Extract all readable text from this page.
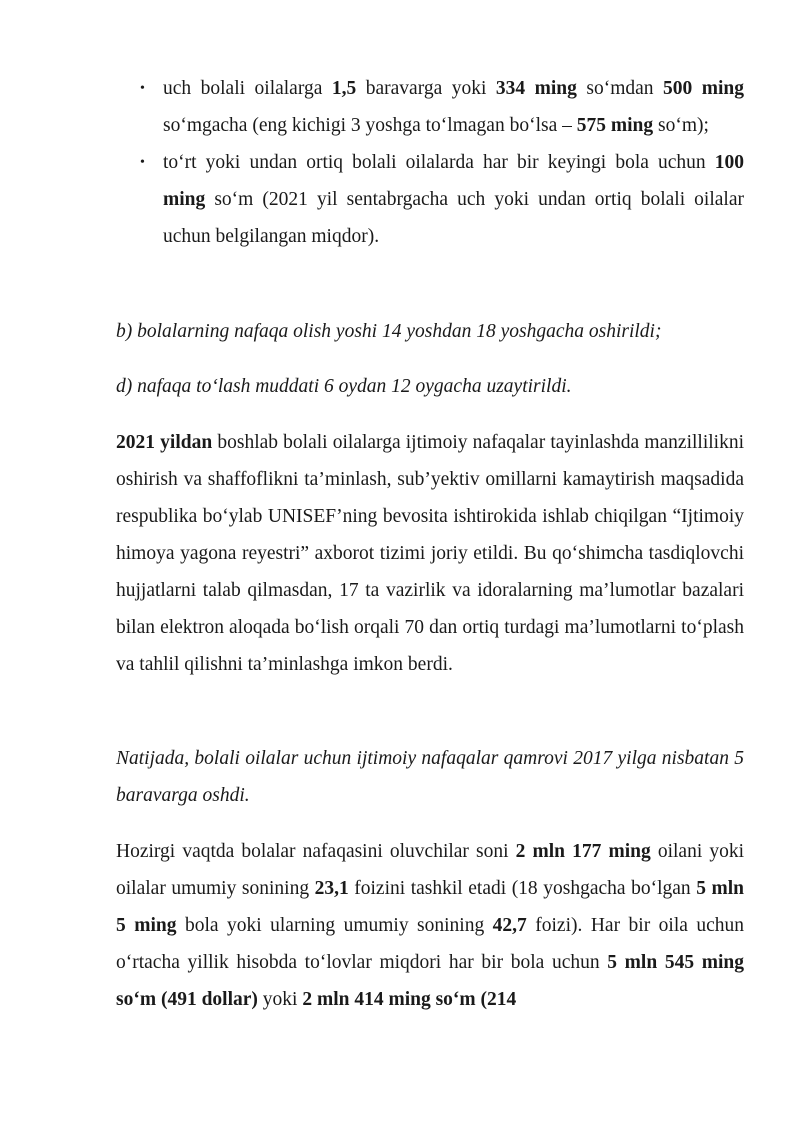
• uch bolali oilalarga 1,5 baravarga yoki 334 ming so‘mdan 500 ming so‘mgacha (eng kichigi 3 yoshga to‘lmagan bo‘lsa – 575 ming so‘m);
• to‘rt yoki undan ortiq bolali oilalarda har bir keyingi bola uchun 100 ming so‘m (2021 yil sentabrgacha uch yoki undan ortiq bolali oilalar uchun belgilangan miqdor).

b) bolalarning nafaqa olish yoshi 14 yoshdan 18 yoshgacha oshirildi;

d) nafaqa to‘lash muddati 6 oydan 12 oygacha uzaytirildi.

2021 yildan boshlab bolali oilalarga ijtimoiy nafaqalar tayinlashda manzillilikni oshirish va shaffoflikni ta’minlash, sub’yektiv omillarni kamaytirish maqsadida respublika bo‘ylab UNISEF’ning bevosita ishtirokida ishlab chiqilgan “Ijtimoiy himoya yagona reyestri” axborot tizimi joriy etildi. Bu qo‘shimcha tasdiqlovchi hujjatlarni talab qilmasdan, 17 ta vazirlik va idoralarning ma’lumotlar bazalari bilan elektron aloqada bo‘lish orqali 70 dan ortiq turdagi ma’lumotlarni to‘plash va tahlil qilishni ta’minlashga imkon berdi.

Natijada, bolali oilalar uchun ijtimoiy nafaqalar qamrovi 2017 yilga nisbatan 5 baravarga oshdi.

Hozirgi vaqtda bolalar nafaqasini oluvchilar soni 2 mln 177 ming oilani yoki oilalar umumiy sonining 23,1 foizini tashkil etadi (18 yoshgacha bo‘lgan 5 mln 5 ming bola yoki ularning umumiy sonining 42,7 foizi). Har bir oila uchun o‘rtacha yillik hisobda to‘lovlar miqdori har bir bola uchun 5 mln 545 ming so‘m (491 dollar) yoki 2 mln 414 ming so‘m (214
